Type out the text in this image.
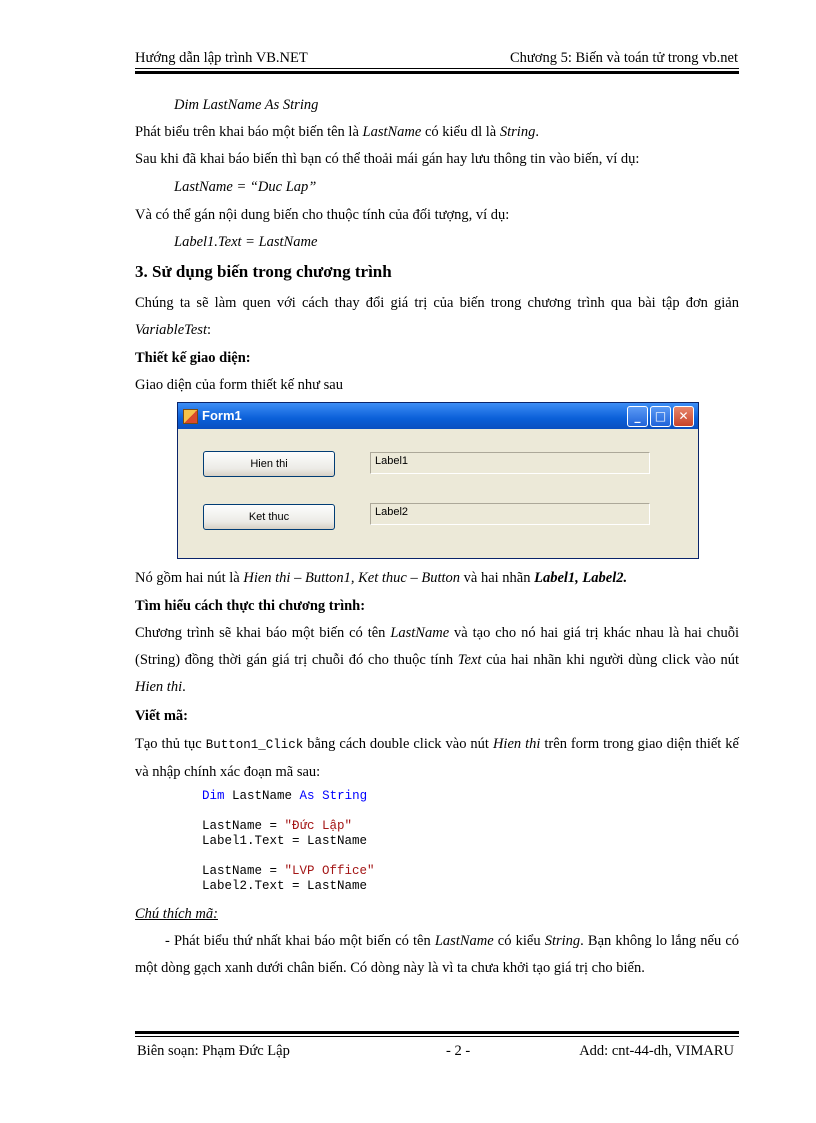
Hướng dẫn lập trình VB.NET	Chương 5: Biến và toán tử trong vb.net
Dim LastName As String
Phát biểu trên khai báo một biến tên là LastName có kiểu dl là String.
Sau khi đã khai báo biến thì bạn có thể thoải mái gán hay lưu thông tin vào biến, ví dụ:
LastName = “Duc Lap”
Và có thể gán nội dung biến cho thuộc tính của đối tượng, ví dụ:
Label1.Text = LastName
3. Sử dụng biến trong chương trình
Chúng ta sẽ làm quen với cách thay đổi giá trị của biến trong chương trình qua bài tập đơn giản VariableTest:
Thiết kế giao diện:
Giao diện của form thiết kế như sau
Form1	_	□	✕
Hien thi	Label1
Ket thuc	Label2
Nó gồm hai nút là Hien thi – Button1, Ket thuc – Button và hai nhãn Label1, Label2.
Tìm hiểu cách thực thi chương trình:
Chương trình sẽ khai báo một biến có tên LastName và tạo cho nó hai giá trị khác nhau là hai chuỗi (String) đồng thời gán giá trị chuỗi đó cho thuộc tính Text của hai nhãn khi người dùng click vào nút Hien thi.
Viết mã:
Tạo thủ tục Button1_Click bằng cách double click vào nút Hien thi trên form trong giao diện thiết kế và nhập chính xác đoạn mã sau:
Dim LastName As String
LastName = "Đức Lập"
Label1.Text = LastName
LastName = "LVP Office"
Label2.Text = LastName
Chú thích mã:
- Phát biểu thứ nhất khai báo một biến có tên LastName có kiểu String. Bạn không lo lắng nếu có một dòng gạch xanh dưới chân biến. Có dòng này là vì ta chưa khởi tạo giá trị cho biến.
Biên soạn: Phạm Đức Lập	- 2 -	Add: cnt-44-dh, VIMARU
